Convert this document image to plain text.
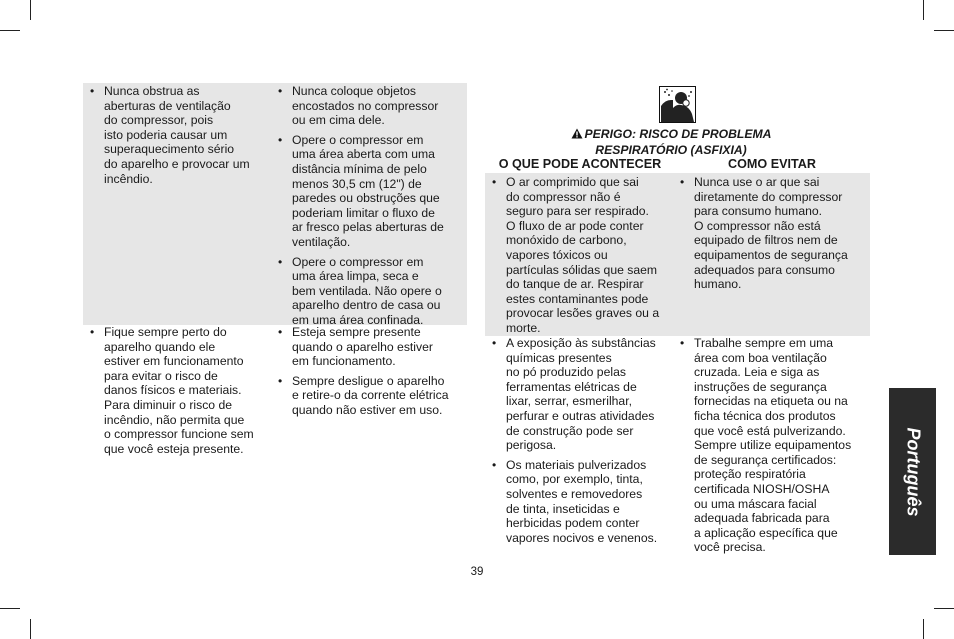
• Nunca obstrua as
aberturas de ventilação
do compressor, pois
isto poderia causar um
superaquecimento sério
do aparelho e provocar um
incêndio.
• Nunca coloque objetos
encostados no compressor
ou em cima dele.
• Opere o compressor em
uma área aberta com uma
distância mínima de pelo
menos 30,5 cm (12") de
paredes ou obstruções que
poderiam limitar o fluxo de
ar fresco pelas aberturas de
ventilação.
• Opere o compressor em
uma área limpa, seca e
bem ventilada. Não opere o
aparelho dentro de casa ou
em uma área confinada.
• Fique sempre perto do
aparelho quando ele
estiver em funcionamento
para evitar o risco de
danos físicos e materiais.
Para diminuir o risco de
incêndio, não permita que
o compressor funcione sem
que você esteja presente.
• Esteja sempre presente
quando o aparelho estiver
em funcionamento.
• Sempre desligue o aparelho
e retire-o da corrente elétrica
quando não estiver em uso.
PERIGO: RISCO DE PROBLEMA
RESPIRATÓRIO (ASFIXIA)
O QUE PODE ACONTECER	COMO EVITAR
• O ar comprimido que sai
do compressor não é
seguro para ser respirado.
O fluxo de ar pode conter
monóxido de carbono,
vapores tóxicos ou
partículas sólidas que saem
do tanque de ar. Respirar
estes contaminantes pode
provocar lesões graves ou a
morte.
• Nunca use o ar que sai
diretamente do compressor
para consumo humano.
O compressor não está
equipado de filtros nem de
equipamentos de segurança
adequados para consumo
humano.
• A exposição às substâncias
químicas presentes
no pó produzido pelas
ferramentas elétricas de
lixar, serrar, esmerilhar,
perfurar e outras atividades
de construção pode ser
perigosa.
• Os materiais pulverizados
como, por exemplo, tinta,
solventes e removedores
de tinta, inseticidas e
herbicidas podem conter
vapores nocivos e venenos.
• Trabalhe sempre em uma
área com boa ventilação
cruzada. Leia e siga as
instruções de segurança
fornecidas na etiqueta ou na
ficha técnica dos produtos
que você está pulverizando.
Sempre utilize equipamentos
de segurança certificados:
proteção respiratória
certificada NIOSH/OSHA
ou uma máscara facial
adequada fabricada para
a aplicação específica que
você precisa.
39
Português
